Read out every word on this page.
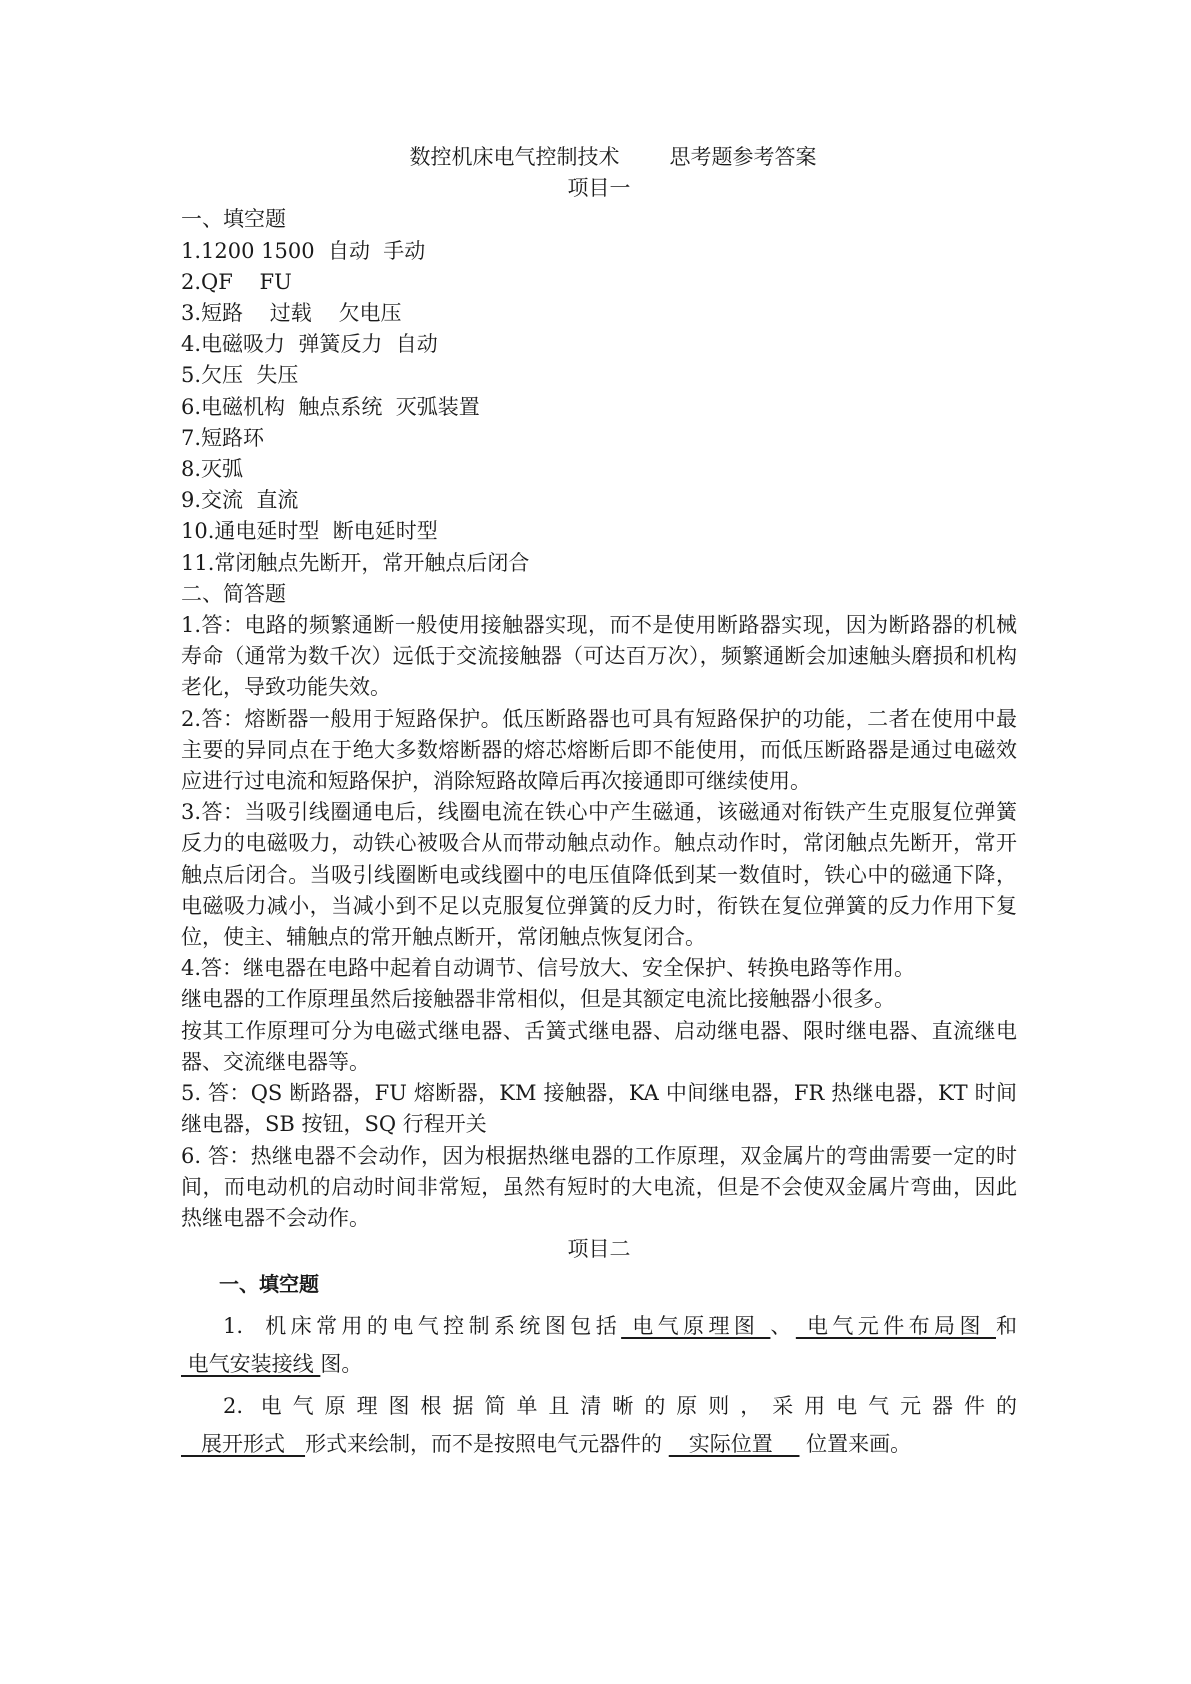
数控机床电气控制技术 思考题参考答案
项目一
一、填空题
1.1200 1500  自动  手动
2.QF    FU
3.短路    过载    欠电压
4.电磁吸力  弹簧反力  自动
5.欠压  失压
6.电磁机构  触点系统  灭弧装置
7.短路环
8.灭弧
9.交流  直流
10.通电延时型  断电延时型
11.常闭触点先断开，常开触点后闭合
二、简答题
1.答：电路的频繁通断一般使用接触器实现，而不是使用断路器实现，因为断路器的机械寿命（通常为数千次）远低于交流接触器（可达百万次），频繁通断会加速触头磨损和机构老化，导致功能失效。
2.答：熔断器一般用于短路保护。低压断路器也可具有短路保护的功能，二者在使用中最主要的异同点在于绝大多数熔断器的熔芯熔断后即不能使用，而低压断路器是通过电磁效应进行过电流和短路保护，消除短路故障后再次接通即可继续使用。
3.答：当吸引线圈通电后，线圈电流在铁心中产生磁通，该磁通对衔铁产生克服复位弹簧反力的电磁吸力，动铁心被吸合从而带动触点动作。触点动作时，常闭触点先断开，常开触点后闭合。当吸引线圈断电或线圈中的电压值降低到某一数值时，铁心中的磁通下降，电磁吸力减小，当减小到不足以克服复位弹簧的反力时，衔铁在复位弹簧的反力作用下复位，使主、辅触点的常开触点断开，常闭触点恢复闭合。
4.答：继电器在电路中起着自动调节、信号放大、安全保护、转换电路等作用。
继电器的工作原理虽然后接触器非常相似，但是其额定电流比接触器小很多。
按其工作原理可分为电磁式继电器、舌簧式继电器、启动继电器、限时继电器、直流继电器、交流继电器等。
5. 答：QS 断路器，FU 熔断器，KM 接触器，KA 中间继电器，FR 热继电器，KT 时间继电器，SB 按钮，SQ 行程开关
6. 答：热继电器不会动作，因为根据热继电器的工作原理，双金属片的弯曲需要一定的时间，而电动机的启动时间非常短，虽然有短时的大电流，但是不会使双金属片弯曲，因此热继电器不会动作。
项目二
一、填空题

1.  机床常用的电气控制系统图包括 电气原理图 、 电气元件布局图 和 电气安装接线 图。

2. 电气原理图根据简单且清晰的原则，采用电气元器件的   展开形式   形式来绘制，而不是按照电气元器件的    实际位置     位置来画。
